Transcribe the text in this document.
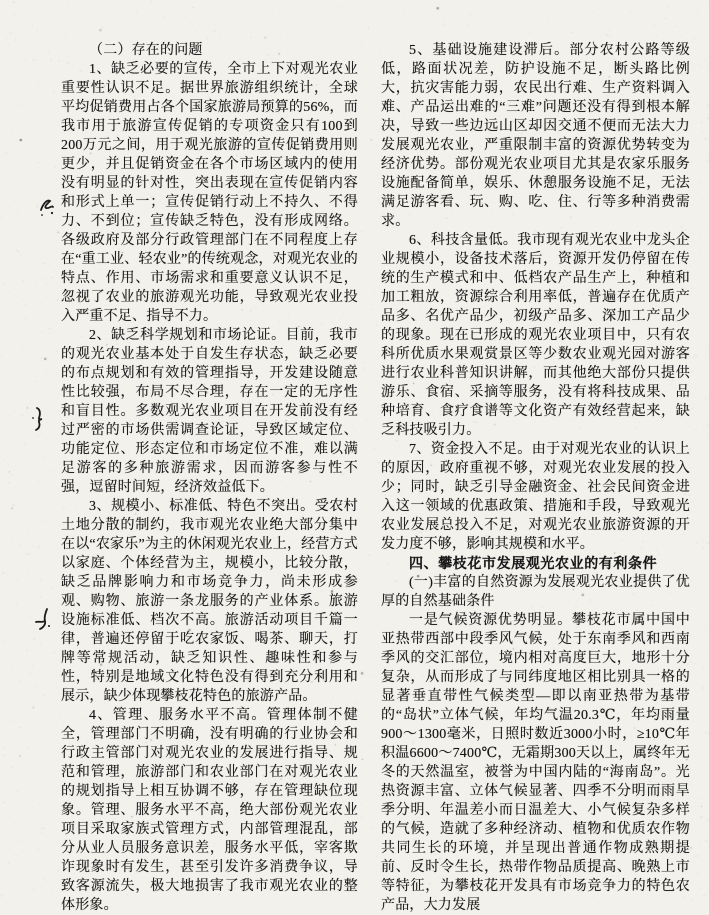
（二）存在的问题

1、缺乏必要的宣传，全市上下对观光农业重要性认识不足。据世界旅游组织统计，全球平均促销费用占各个国家旅游局预算的56%，而我市用于旅游宣传促销的专项资金只有100到 200万元之间，用于观光旅游的宣传促销费用则更少，并且促销资金在各个市场区域内的使用没有明显的针对性，突出表现在宣传促销内容和形式上单一；宣传促销行动上不持久、不得力、不到位；宣传缺乏特色，没有形成网络。各级政府及部分行政管理部门在不同程度上存在“重工业、轻农业”的传统观念，对观光农业的特点、作用、市场需求和重要意义认识不足，忽视了农业的旅游观光功能，导致观光农业投入严重不足、指导不力。

2、缺乏科学规划和市场论证。目前，我市的观光农业基本处于自发生存状态，缺乏必要的布点规划和有效的管理指导，开发建设随意性比较强，布局不尽合理，存在一定的无序性和盲目性。多数观光农业项目在开发前没有经过严密的市场供需调查论证，导致区域定位、功能定位、形态定位和市场定位不准，难以满足游客的多种旅游需求，因而游客参与性不强，逗留时间短，经济效益低下。

3、规模小、标准低、特色不突出。受农村土地分散的制约，我市观光农业绝大部分集中在以“农家乐”为主的休闲观光农业上，经营方式以家庭、个体经营为主，规模小，比较分散，缺乏品牌影响力和市场竞争力，尚未形成参观、购物、旅游一条龙服务的产业体系。旅游设施标准低、档次不高。旅游活动项目千篇一律，普遍还停留于吃农家饭、喝茶、聊天，打牌等常规活动，缺乏知识性、趣味性和参与性，特别是地域文化特色没有得到充分利用和展示，缺少体现攀枝花特色的旅游产品。

4、管理、服务水平不高。管理体制不健全，管理部门不明确，没有明确的行业协会和行政主管部门对观光农业的发展进行指导、规范和管理，旅游部门和农业部门在对观光农业的规划指导上相互协调不够，存在管理缺位现象。管理、服务水平不高，绝大部份观光农业项目采取家族式管理方式，内部管理混乱，部分从业人员服务意识差，服务水平低，宰客欺诈现象时有发生，甚至引发许多消费争议，导致客源流失，极大地损害了我市观光农业的整体形象。

5、基础设施建设滞后。部分农村公路等级低，路面状况差，防护设施不足，断头路比例大，抗灾害能力弱，农民出行难、生产资料调入难、产品运出难的“三难”问题还没有得到根本解决，导致一些边远山区却因交通不便而无法大力发展观光农业，严重限制丰富的资源优势转变为经济优势。部份观光农业项目尤其是农家乐服务设施配备简单，娱乐、休憩服务设施不足，无法满足游客看、玩、购、吃、住、行等多种消费需求。

6、科技含量低。我市现有观光农业中龙头企业规模小，设备技术落后，资源开发仍停留在传统的生产模式和中、低档农产品生产上，种植和加工粗放，资源综合利用率低，普遍存在优质产品多、名优产品少，初级产品多、深加工产品少的现象。现在已形成的观光农业项目中，只有农科所优质水果观赏景区等少数农业观光园对游客进行农业科普知识讲解，而其他绝大部份只提供游乐、食宿、采摘等服务，没有将科技成果、品种培育、食疗食谱等文化资产有效经营起来，缺乏科技吸引力。

7、资金投入不足。由于对观光农业的认识上的原因，政府重视不够，对观光农业发展的投入少；同时，缺乏引导金融资金、社会民间资金进入这一领域的优惠政策、措施和手段，导致观光农业发展总投入不足，对观光农业旅游资源的开发力度不够，影响其规模和水平。

四、攀枝花市发展观光农业的有利条件

(一)丰富的自然资源为发展观光农业提供了优厚的自然基础条件

一是气候资源优势明显。攀枝花市属中国中亚热带西部中段季风气候，处于东南季风和西南季风的交汇部位，境内相对高度巨大，地形十分复杂，从而形成了与同纬度地区相比别具一格的显著垂直带性气候类型—即以南亚热带为基带的“岛状”立体气候，年均气温20.3℃，年均雨量900～1300毫米，日照时数近3000小时，≥10℃年积温6600～7400℃，无霜期300天以上，属终年无冬的天然温室，被誉为中国内陆的“海南岛”。光热资源丰富、立体气候显著、四季不分明而雨旱季分明、年温差小而日温差大、小气候复杂多样的气候，造就了多种经济动、植物和优质农作物共同生长的环境，并呈现出普通作物成熟期提前、反时令生长，热带作物品质提高、晚熟上市等特征，为攀枝花开发具有市场竞争力的特色农产品，大力发展
